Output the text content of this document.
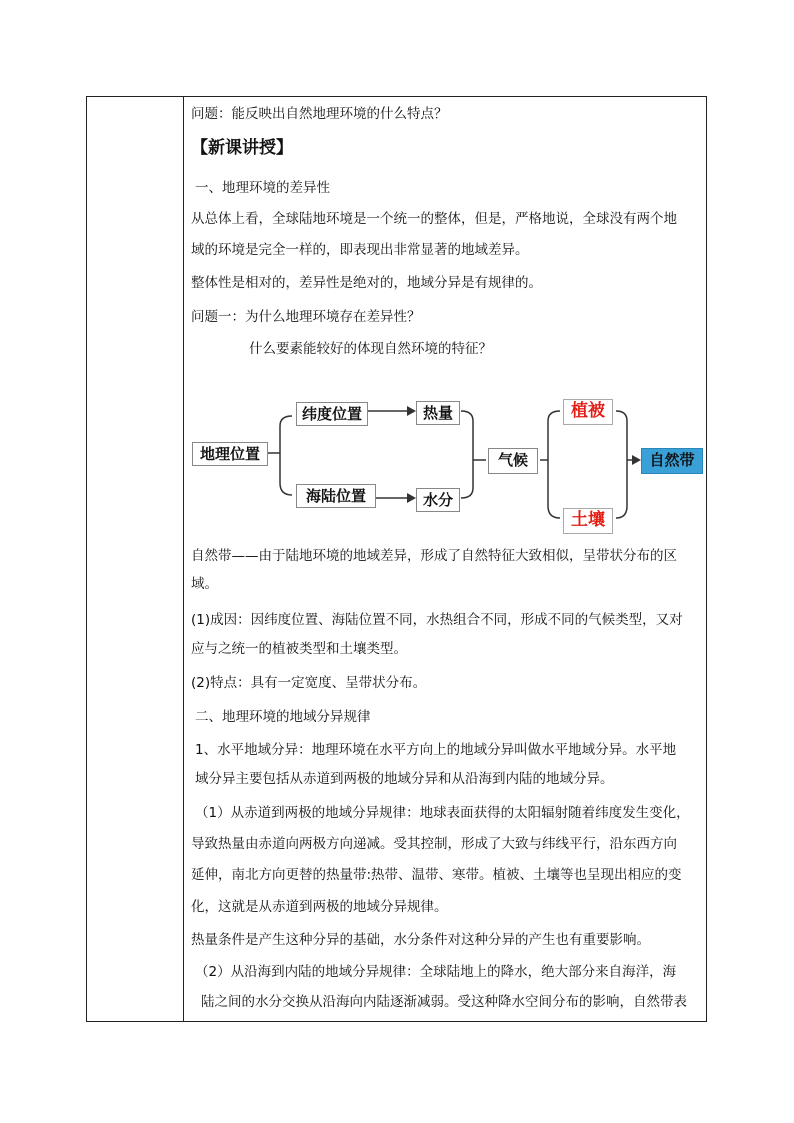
问题：能反映出自然地理环境的什么特点？
【新课讲授】
一、地理环境的差异性
从总体上看，全球陆地环境是一个统一的整体，但是，严格地说，全球没有两个地
域的环境是完全一样的，即表现出非常显著的地域差异。
整体性是相对的，差异性是绝对的，地域分异是有规律的。
问题一：为什么地理环境存在差异性？
什么要素能较好的体现自然环境的特征？
自然带——由于陆地环境的地域差异，形成了自然特征大致相似，呈带状分布的区
域。
(1)成因：因纬度位置、海陆位置不同，水热组合不同，形成不同的气候类型，又对
应与之统一的植被类型和土壤类型。
(2)特点：具有一定宽度、呈带状分布。
二、地理环境的地域分异规律
1、水平地域分异：地理环境在水平方向上的地域分异叫做水平地域分异。水平地
域分异主要包括从赤道到两极的地域分异和从沿海到内陆的地域分异。
（1）从赤道到两极的地域分异规律：地球表面获得的太阳辐射随着纬度发生变化，
导致热量由赤道向两极方向递减。受其控制，形成了大致与纬线平行，沿东西方向
延伸，南北方向更替的热量带:热带、温带、寒带。植被、土壤等也呈现出相应的变
化，这就是从赤道到两极的地域分异规律。
热量条件是产生这种分异的基础，水分条件对这种分异的产生也有重要影响。
（2）从沿海到内陆的地域分异规律：全球陆地上的降水，绝大部分来自海洋，海
陆之间的水分交换从沿海向内陆逐渐减弱。受这种降水空间分布的影响，自然带表
地理位置
纬度位置
海陆位置
热量
水分
气候
植被
土壤
自然带
